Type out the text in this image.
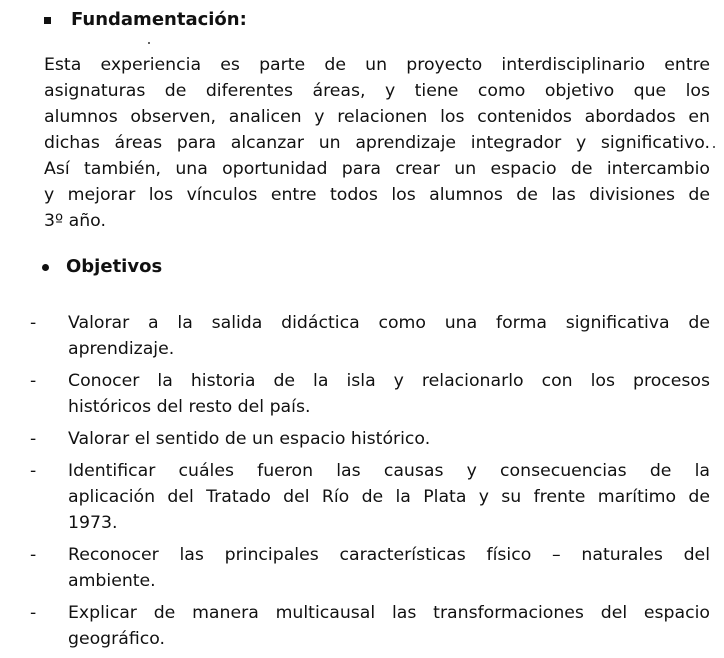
Fundamentación:
Esta experiencia es parte de un proyecto interdisciplinario entre
asignaturas de diferentes áreas, y tiene como objetivo que los
alumnos observen, analicen y relacionen los contenidos abordados en
dichas áreas para alcanzar un aprendizaje integrador y significativo.
Así también, una oportunidad para crear un espacio de intercambio
y mejorar los vínculos entre todos los alumnos de las divisiones de
3º año.
Objetivos
-	Valorar a la salida didáctica como una forma significativa de
aprendizaje.
-	Conocer la historia de la isla y relacionarlo con los procesos
históricos del resto del país.
-	Valorar el sentido de un espacio histórico.
-	Identificar cuáles fueron las causas y consecuencias de la
aplicación del Tratado del Río de la Plata y su frente marítimo de
1973.
-	Reconocer las principales características físico – naturales del
ambiente.
-	Explicar de manera multicausal las transformaciones del espacio
geográfico.
